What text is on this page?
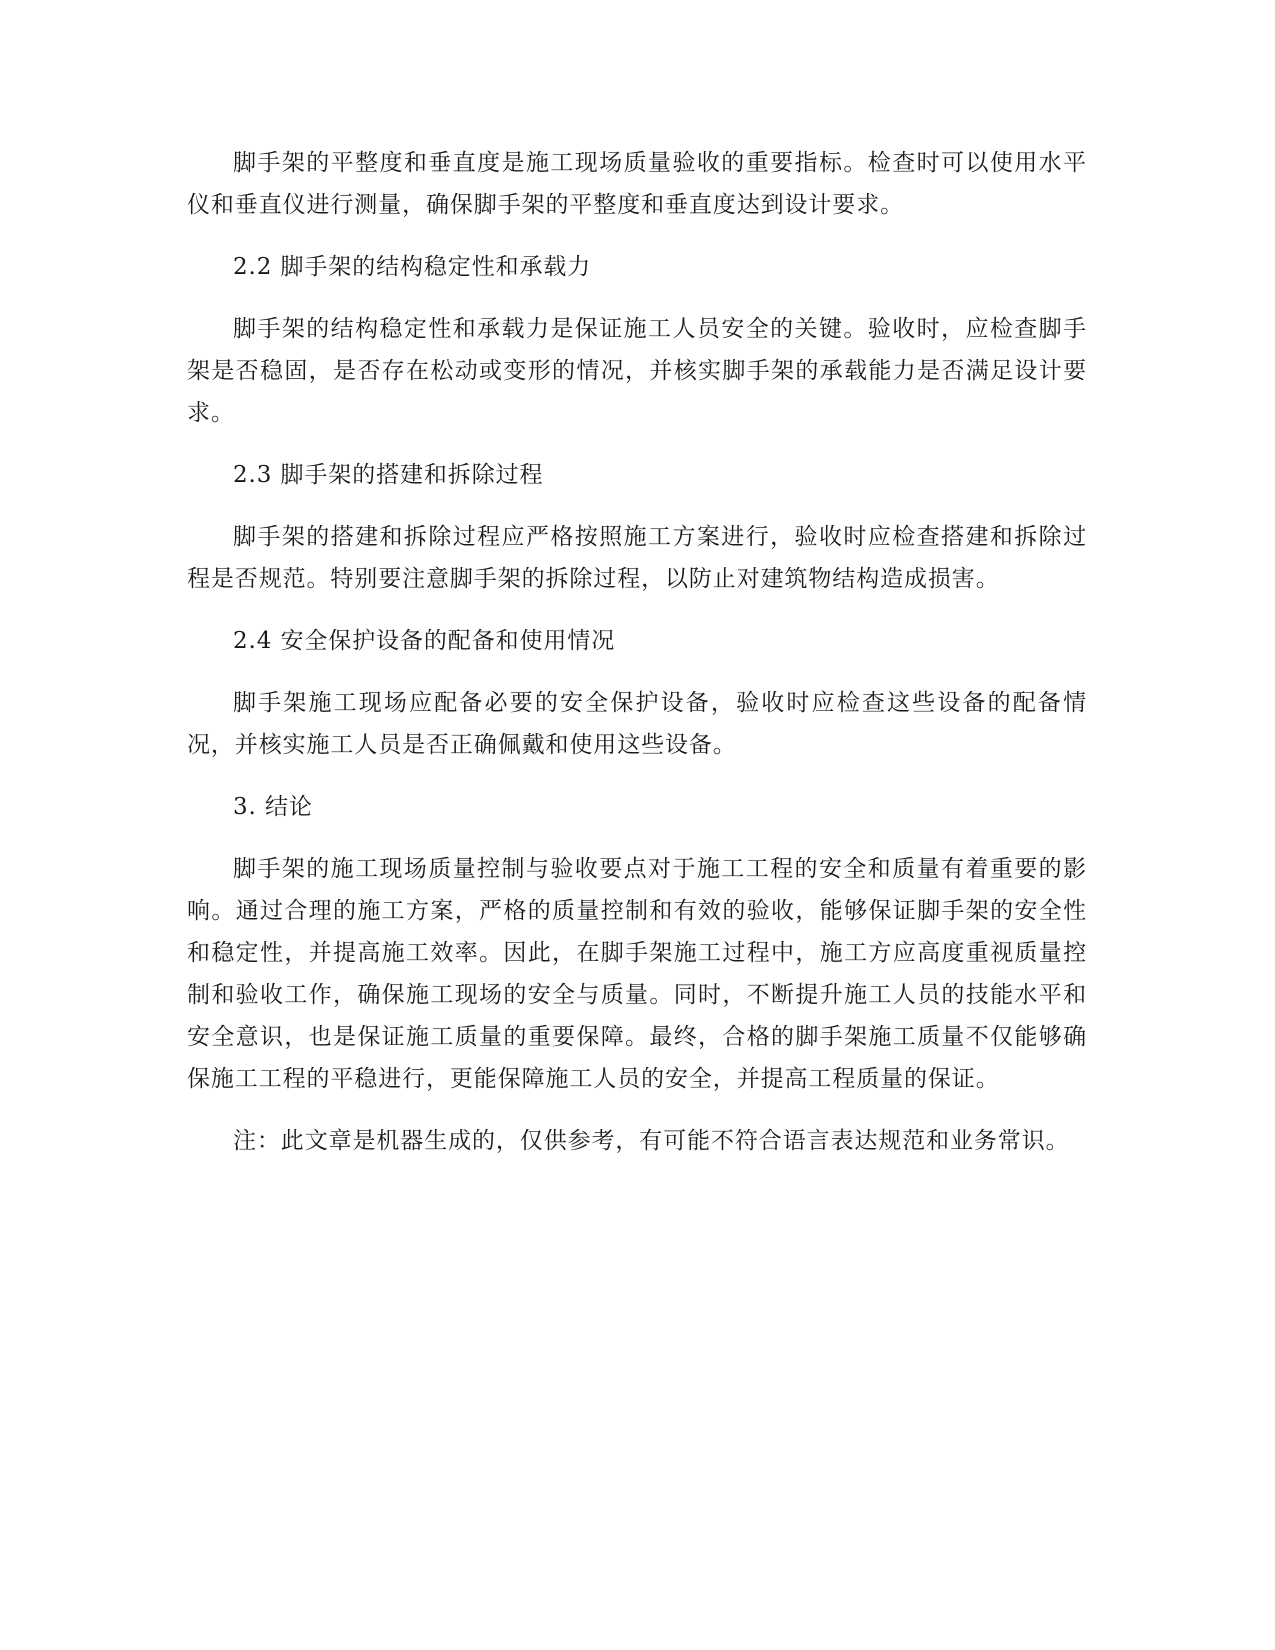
脚手架的平整度和垂直度是施工现场质量验收的重要指标。检查时可以使用水平仪和垂直仪进行测量，确保脚手架的平整度和垂直度达到设计要求。

2.2 脚手架的结构稳定性和承载力

脚手架的结构稳定性和承载力是保证施工人员安全的关键。验收时，应检查脚手架是否稳固，是否存在松动或变形的情况，并核实脚手架的承载能力是否满足设计要求。

2.3 脚手架的搭建和拆除过程

脚手架的搭建和拆除过程应严格按照施工方案进行，验收时应检查搭建和拆除过程是否规范。特别要注意脚手架的拆除过程，以防止对建筑物结构造成损害。

2.4 安全保护设备的配备和使用情况

脚手架施工现场应配备必要的安全保护设备，验收时应检查这些设备的配备情况，并核实施工人员是否正确佩戴和使用这些设备。

3. 结论

脚手架的施工现场质量控制与验收要点对于施工工程的安全和质量有着重要的影响。通过合理的施工方案，严格的质量控制和有效的验收，能够保证脚手架的安全性和稳定性，并提高施工效率。因此，在脚手架施工过程中，施工方应高度重视质量控制和验收工作，确保施工现场的安全与质量。同时，不断提升施工人员的技能水平和安全意识，也是保证施工质量的重要保障。最终，合格的脚手架施工质量不仅能够确保施工工程的平稳进行，更能保障施工人员的安全，并提高工程质量的保证。

注：此文章是机器生成的，仅供参考，有可能不符合语言表达规范和业务常识。
